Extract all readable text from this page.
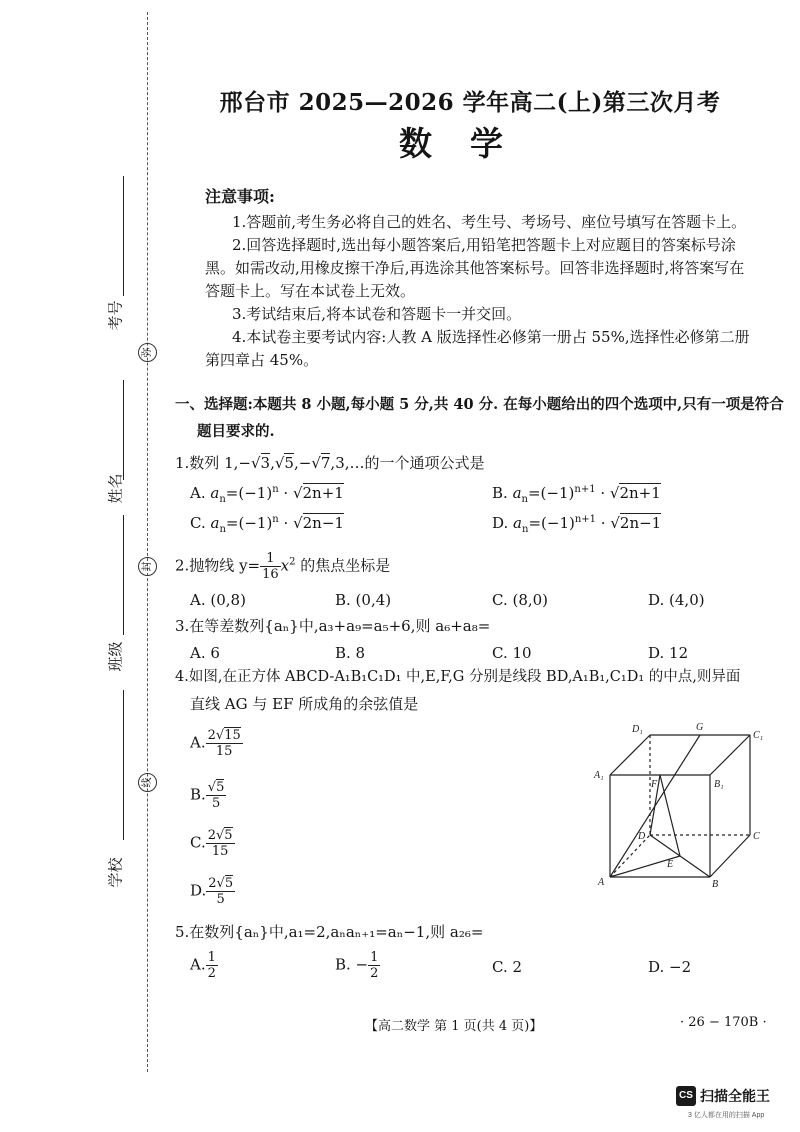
考号
姓名
班级
学校
弥
封
线
邢台市 2025—2026 学年高二(上)第三次月考
数学
注意事项:
1.答题前,考生务必将自己的姓名、考生号、考场号、座位号填写在答题卡上。
2.回答选择题时,选出每小题答案后,用铅笔把答题卡上对应题目的答案标号涂
黑。如需改动,用橡皮擦干净后,再选涂其他答案标号。回答非选择题时,将答案写在
答题卡上。写在本试卷上无效。
3.考试结束后,将本试卷和答题卡一并交回。
4.本试卷主要考试内容:人教 A 版选择性必修第一册占 55%,选择性必修第二册
第四章占 45%。
一、选择题:本题共 8 小题,每小题 5 分,共 40 分. 在每小题给出的四个选项中,只有一项是符合
题目要求的.
1.数列 1,−√3,√5,−√7,3,…的一个通项公式是
A. $a_n=(-1)^n \cdot √2n+1$	B. $a_n=(-1)^{n+1} \cdot √2n+1$
C. $a_n=(-1)^n \cdot √2n-1$	D. $a_n=(-1)^{n+1} \cdot √2n-1$
2.抛物线 $y= \frac{1}{16} x^2$ 的焦点坐标是
A. (0,8)	B. (0,4)	C. (8,0)	D. (4,0)
3.在等差数列{aₙ}中,a₃+a₉=a₅+6,则 a₆+a₈=
A. 6	B. 8	C. 10	D. 12
4.如图,在正方体 ABCD-A₁B₁C₁D₁ 中,E,F,G 分别是线段 BD,A₁B₁,C₁D₁ 的中点,则异面
直线 AG 与 EF 所成角的余弦值是
A. $\frac{2√15}{15}$
B. $\frac{√5}{5}$
C. $\frac{2√5}{15}$
D. $\frac{2√5}{5}$
D₁	G
C₁
A₁
F	B₁
D	C
E
A	B
5.在数列{aₙ}中,a₁=2,aₙaₙ₊₁=aₙ−1,则 a₂₆=
A. $\frac{1}{2}$	B. − $\frac{1}{2}$	C. 2	D. −2
【高二数学 第 1 页(共 4 页)】	· 26 − 170B ·
CS 扫描全能王
3 亿人都在用的扫描 App
